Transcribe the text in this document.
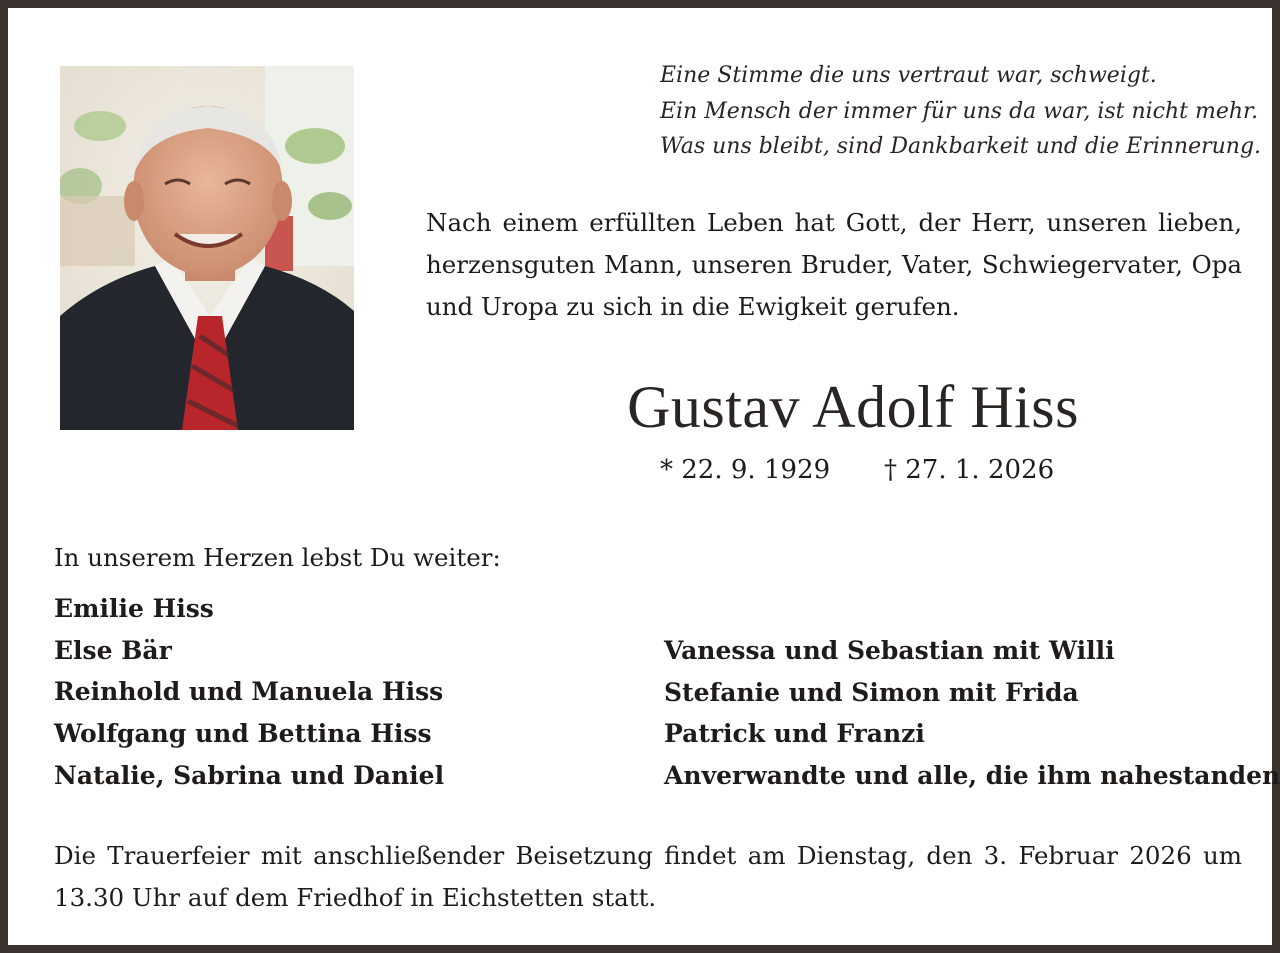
Eine Stimme die uns vertraut war, schweigt.
Ein Mensch der immer für uns da war, ist nicht mehr.
Was uns bleibt, sind Dankbarkeit und die Erinnerung.
Nach einem erfüllten Leben hat Gott, der Herr, unseren lieben, herzensguten Mann, unseren Bruder, Vater, Schwiegervater, Opa und Uropa zu sich in die Ewigkeit gerufen.
Gustav Adolf Hiss
* 22. 9. 1929 † 27. 1. 2026
In unserem Herzen lebst Du weiter:
Emilie Hiss
Else Bär
Reinhold und Manuela Hiss
Wolfgang und Bettina Hiss
Natalie, Sabrina und Daniel
Vanessa und Sebastian mit Willi
Stefanie und Simon mit Frida
Patrick und Franzi
Anverwandte und alle, die ihm nahestanden
Die Trauerfeier mit anschließender Beisetzung findet am Dienstag, den 3. Februar 2026 um 13.30 Uhr auf dem Friedhof in Eichstetten statt.
